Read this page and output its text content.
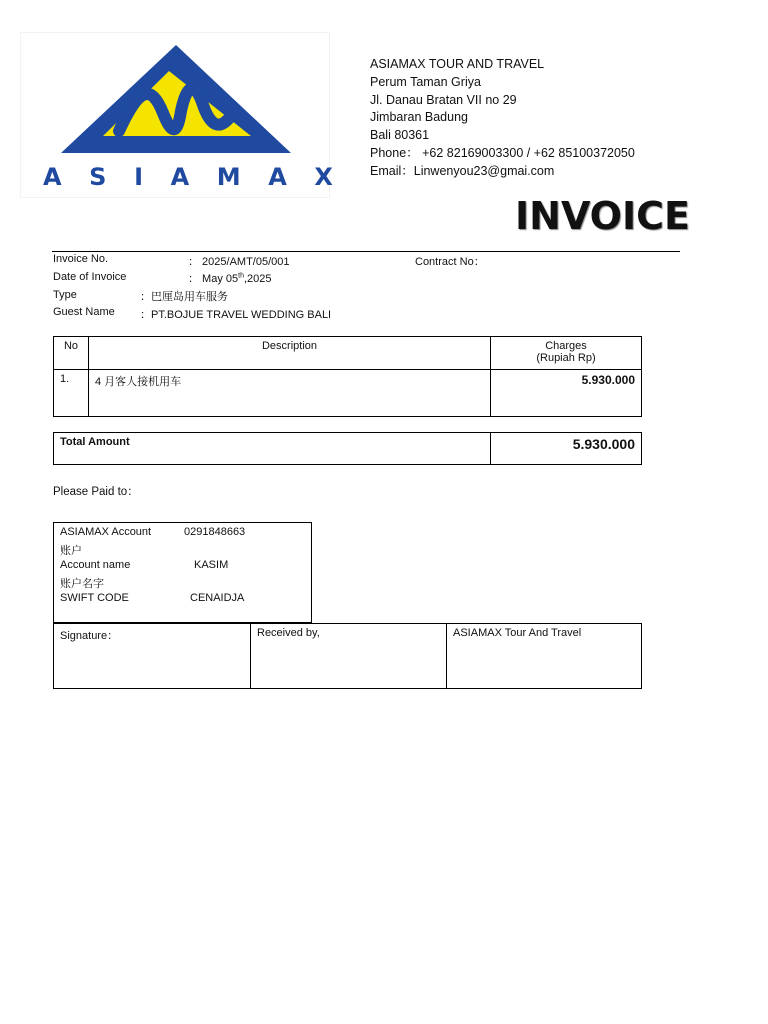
A S I A M A X
ASIAMAX TOUR AND TRAVEL
Perum Taman Griya
Jl. Danau Bratan VII no 29
Jimbaran Badung
Bali 80361
Phone： +62 82169003300 / +62 85100372050
Email：Linwenyou23@gmai.com
INVOICE
Invoice No.	： 2025/AMT/05/001	Contract No：
Date of Invoice	： May 05th,2025
Type	：巴厘岛用车服务
Guest Name ：PT.BOJUE TRAVEL WEDDING BALI
No	Description	Charges
(Rupiah Rp)

1.	4 月客人接机用车	5.930.000
Total Amount	5.930.000
Please Paid to：
ASIAMAX Account	0291848663
账户
Account name	KASIM
账户名字
SWIFT CODE	CENAIDJA
Signature：	Received by,	ASIAMAX Tour And Travel
